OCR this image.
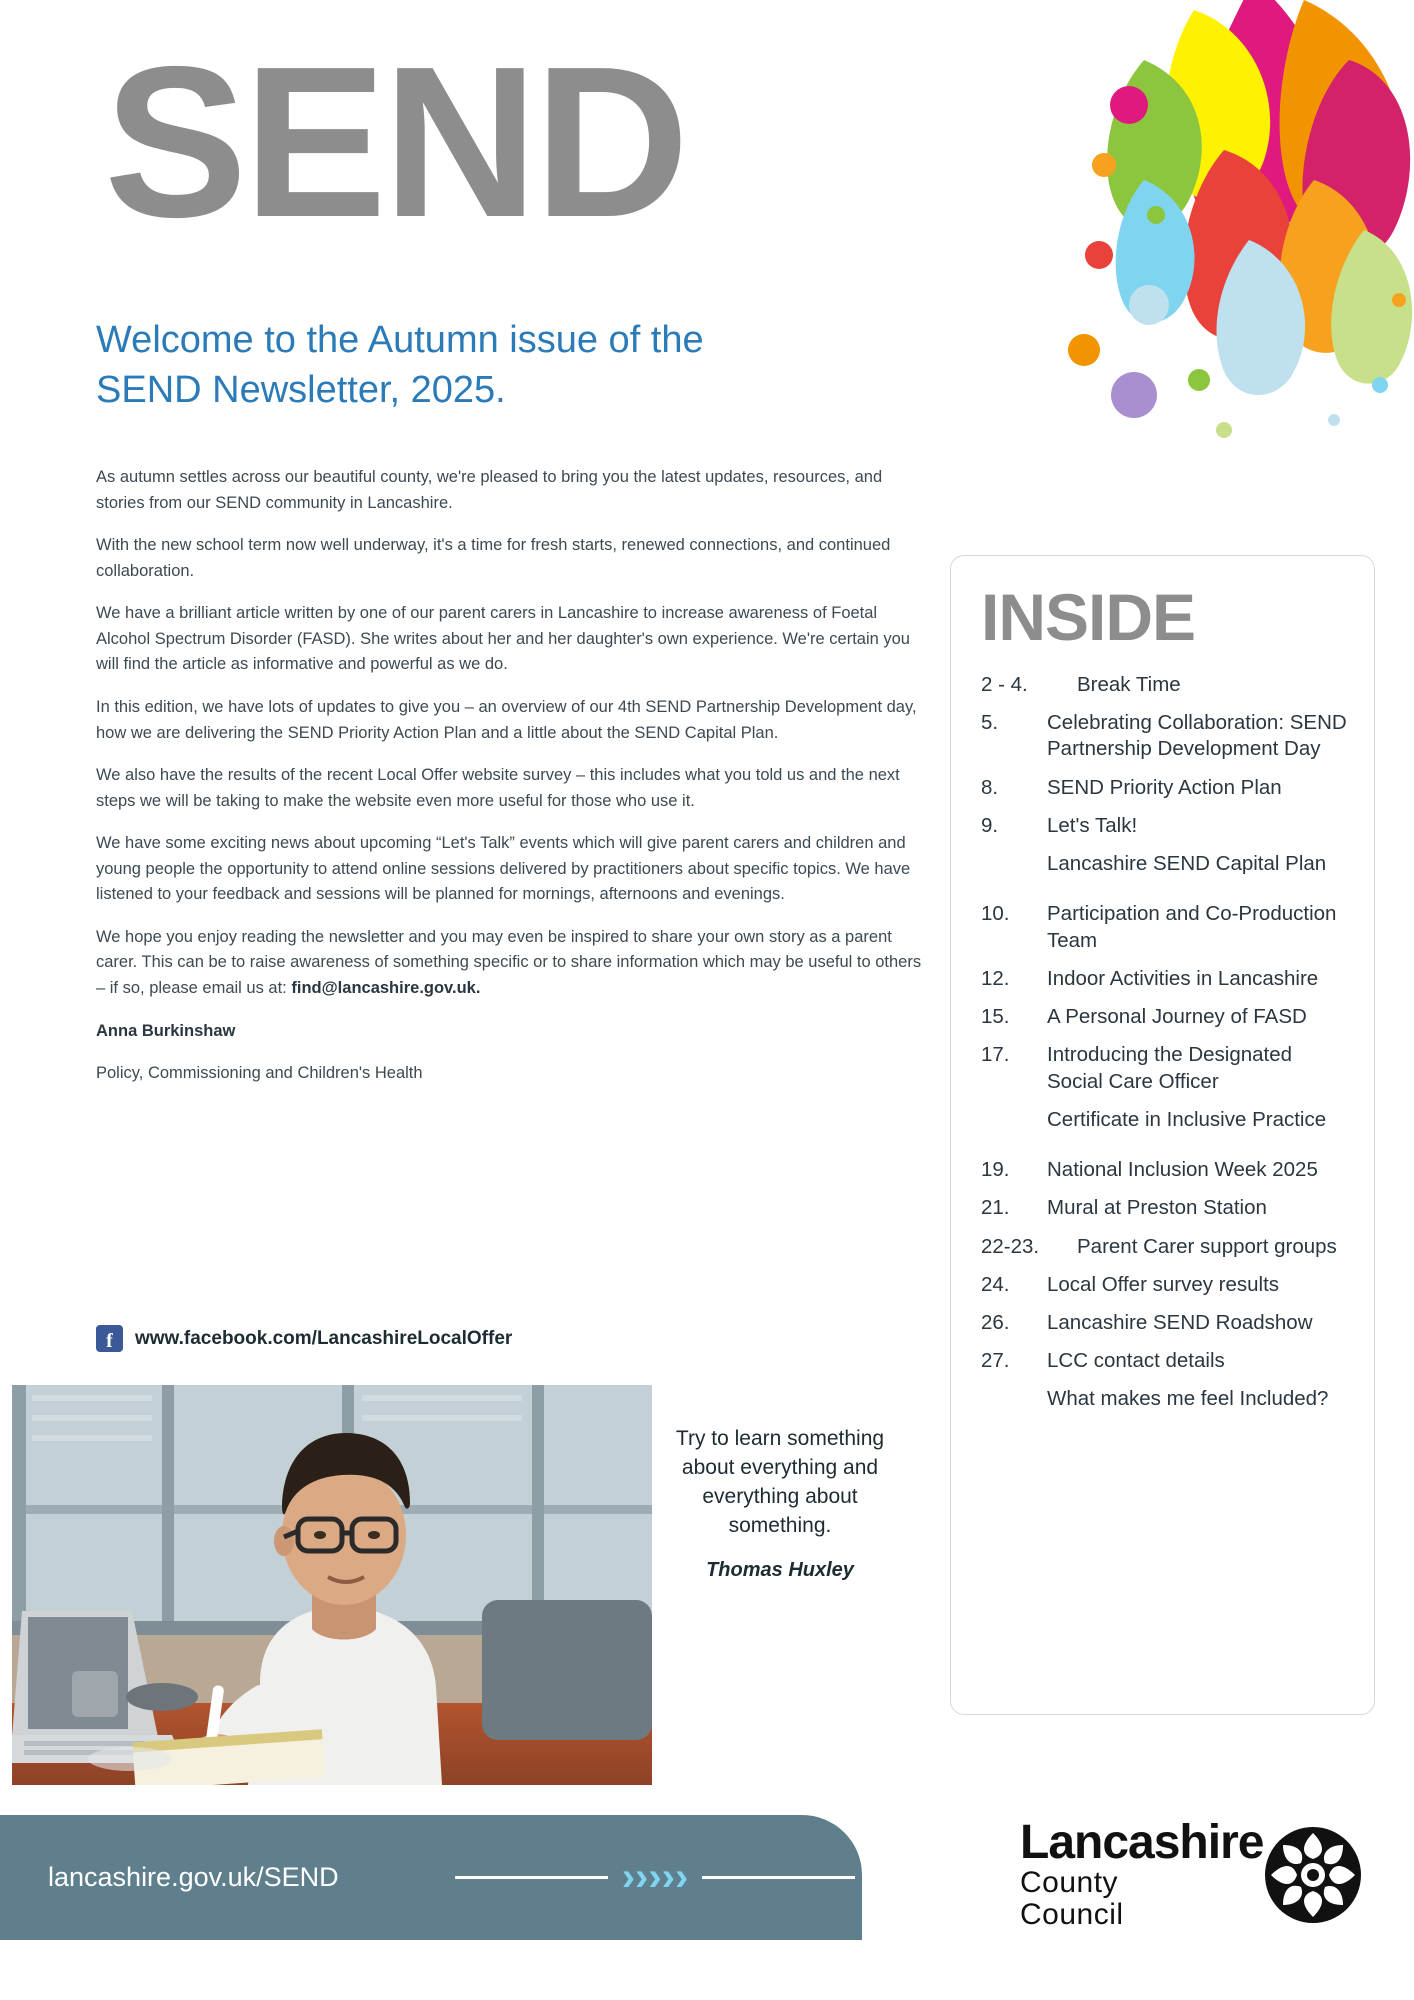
SEND
Welcome to the Autumn issue of the SEND Newsletter, 2025.

As autumn settles across our beautiful county, we're pleased to bring you the latest updates, resources, and stories from our SEND community in Lancashire.

With the new school term now well underway, it's a time for fresh starts, renewed connections, and continued collaboration.

We have a brilliant article written by one of our parent carers in Lancashire to increase awareness of Foetal Alcohol Spectrum Disorder (FASD). She writes about her and her daughter's own experience. We're certain you will find the article as informative and powerful as we do.

In this edition, we have lots of updates to give you – an overview of our 4th SEND Partnership Development day, how we are delivering the SEND Priority Action Plan and a little about the SEND Capital Plan.

We also have the results of the recent Local Offer website survey – this includes what you told us and the next steps we will be taking to make the website even more useful for those who use it.

We have some exciting news about upcoming “Let's Talk” events which will give parent carers and children and young people the opportunity to attend online sessions delivered by practitioners about specific topics. We have listened to your feedback and sessions will be planned for mornings, afternoons and evenings.

We hope you enjoy reading the newsletter and you may even be inspired to share your own story as a parent carer. This can be to raise awareness of something specific or to share information which may be useful to others – if so, please email us at: find@lancashire.gov.uk.

Anna Burkinshaw

Policy, Commissioning and Children's Health

f	www.facebook.com/LancashireLocalOffer
Try to learn something about everything and everything about something.
Thomas Huxley
INSIDE
2 - 4.	Break Time
5.	Celebrating Collaboration: SEND Partnership Development Day
8.	SEND Priority Action Plan
9.	Let's Talk!
Lancashire SEND Capital Plan
10.	Participation and Co-Production Team
12.	Indoor Activities in Lancashire
15.	A Personal Journey of FASD
17.	Introducing the Designated Social Care Officer
Certificate in Inclusive Practice
19.	National Inclusion Week 2025
21.	Mural at Preston Station
22-23.	Parent Carer support groups
24.	Local Offer survey results
26.	Lancashire SEND Roadshow
27.	LCC contact details
What makes me feel Included?
lancashire.gov.uk/SEND	›››››
Lancashire
County
Council
